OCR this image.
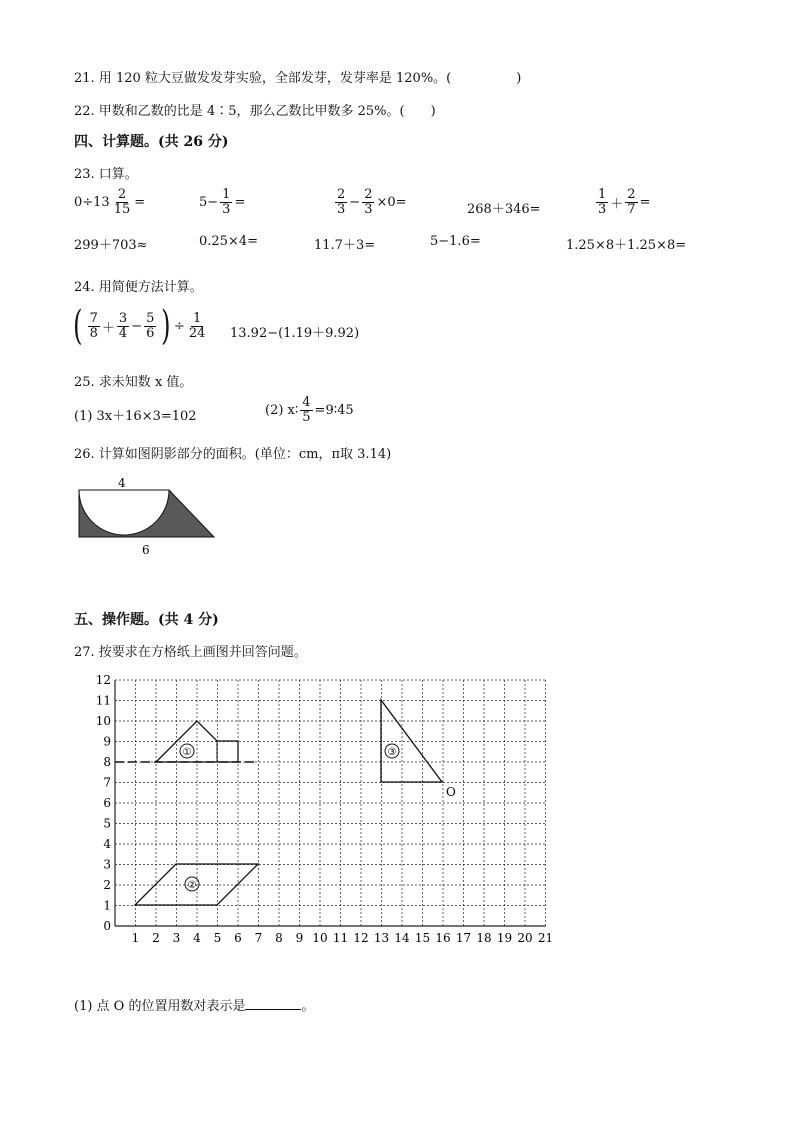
21. 用 120 粒大豆做发发芽实验，全部发芽，发芽率是 120%。(　　　　　)
22. 甲数和乙数的比是 4∶5，那么乙数比甲数多 25%。(　　)
四、计算题。(共 26 分)
23. 口算。
$0\div 13 \frac{2}{15}$ =	$5- \frac{1}{3}$ =	$\frac{2}{3} - \frac{2}{3} \times 0=$	268＋346=	$\frac{1}{3} + \frac{2}{7}$ =
299＋703≈	0.25×4=	11.7＋3=	5−1.6=	1.25×8＋1.25×8=
24. 用简便方法计算。
( $\frac{7}{8} + \frac{3}{4} - \frac{5}{6}$ ) ÷ $\frac{1}{24} 13.92-(1.19+9.92)$
25. 求未知数 x 值。
(1) 3x＋16×3=102	(2) x∶ $\frac{4}{5}$ =9∶45
26. 计算如图阴影部分的面积。(单位：cm，π取 3.14)
4
6
五、操作题。(共 4 分)
27. 按要求在方格纸上画图并回答问题。
1 2 3 4 5 6 7 8 9 10 11 12 13 14 15 16 17 18 19 20 21
0
1
2
3
4
5
6
7
8
9
10
11
12
①
②
③
O
(1) 点 O 的位置用数对表示是	。
